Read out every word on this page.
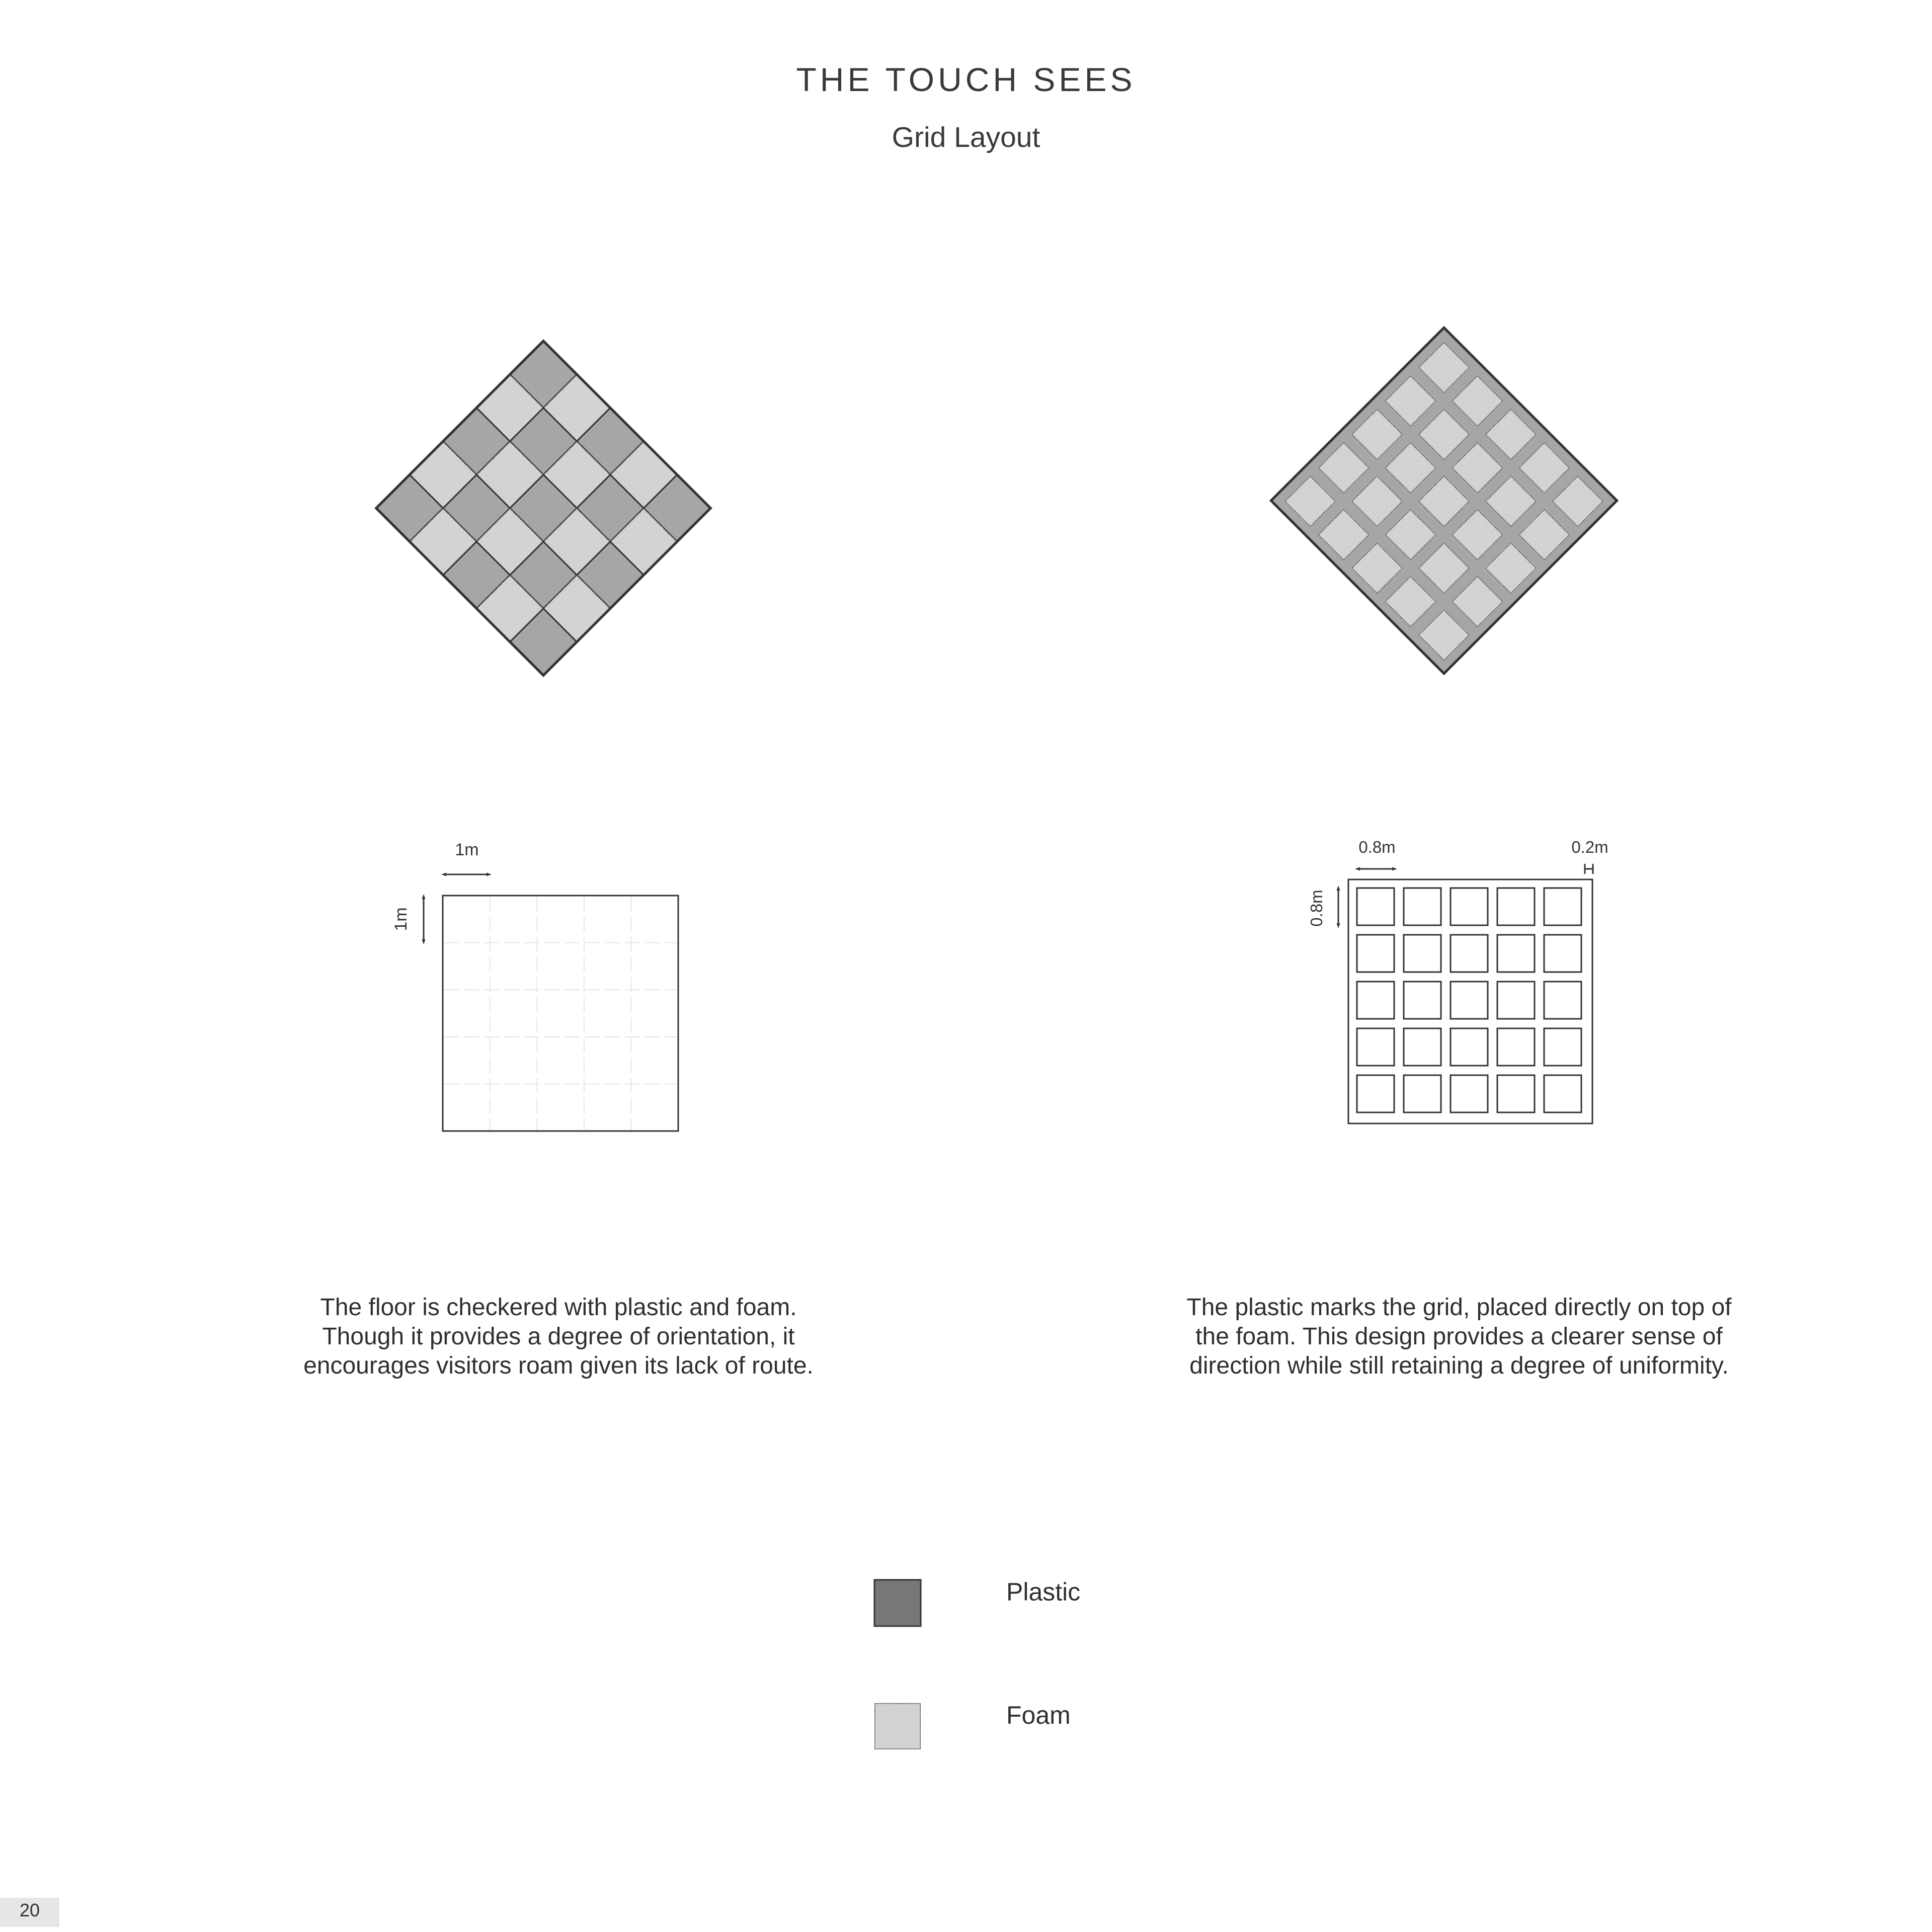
THE TOUCH SEES
Grid Layout
1m
1m
0.8m	0.2m
0.8m
The floor is checkered with plastic and foam. Though it provides a degree of orientation, it encourages visitors roam given its lack of route.
The plastic marks the grid, placed directly on top of the foam. This design provides a clearer sense of direction while still retaining a degree of uniformity.
Plastic
Foam
20
